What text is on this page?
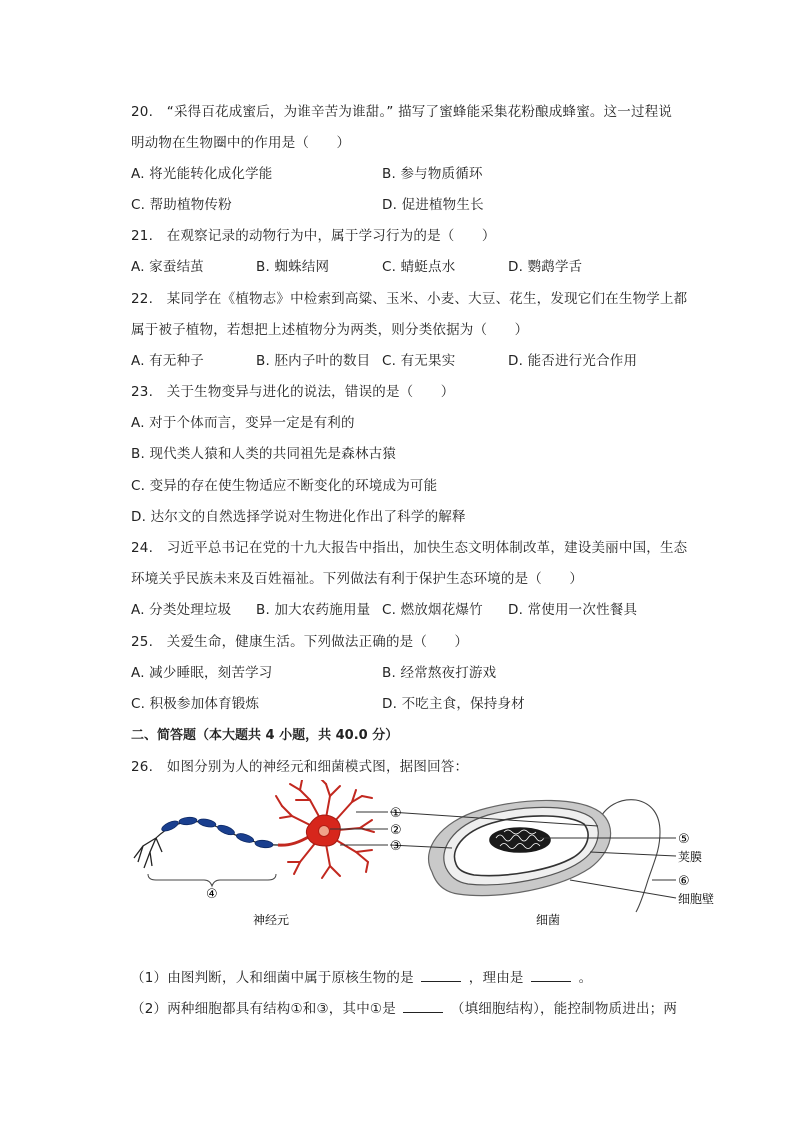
20.　“采得百花成蜜后，为谁辛苦为谁甜。” 描写了蜜蜂能采集花粉酿成蜂蜜。这一过程说
明动物在生物圈中的作用是（　　）
A. 将光能转化成化学能	B. 参与物质循环
C. 帮助植物传粉	D. 促进植物生长
21.　在观察记录的动物行为中，属于学习行为的是（　　）
A. 家蚕结茧	B. 蜘蛛结网	C. 蜻蜓点水	D. 鹦鹉学舌
22.　某同学在《植物志》中检索到高粱、玉米、小麦、大豆、花生，发现它们在生物学上都
属于被子植物，若想把上述植物分为两类，则分类依据为（　　）
A. 有无种子	B. 胚内子叶的数目 C. 有无果实	D. 能否进行光合作用
23.　关于生物变异与进化的说法，错误的是（　　）
A. 对于个体而言，变异一定是有利的
B. 现代类人猿和人类的共同祖先是森林古猿
C. 变异的存在使生物适应不断变化的环境成为可能
D. 达尔文的自然选择学说对生物进化作出了科学的解释
24.　习近平总书记在党的十九大报告中指出，加快生态文明体制改革，建设美丽中国，生态
环境关乎民族未来及百姓福祉。下列做法有利于保护生态环境的是（　　）
A. 分类处理垃圾 B. 加大农药施用量 C. 燃放烟花爆竹 D. 常使用一次性餐具
25.　关爱生命，健康生活。下列做法正确的是（　　）
A. 减少睡眠，刻苦学习	B. 经常熬夜打游戏
C. 积极参加体育锻炼	D. 不吃主食，保持身材
二、简答题（本大题共 4 小题，共 40.0 分）
26.　如图分别为人的神经元和细菌模式图，据图回答：
①
②
③
④
⑤
荚膜
⑥
细胞壁
神经元	细菌
（1）由图判断，人和细菌中属于原核生物的是	，理由是	。
（2）两种细胞都具有结构①和③，其中①是	（填细胞结构），能控制物质进出；两
